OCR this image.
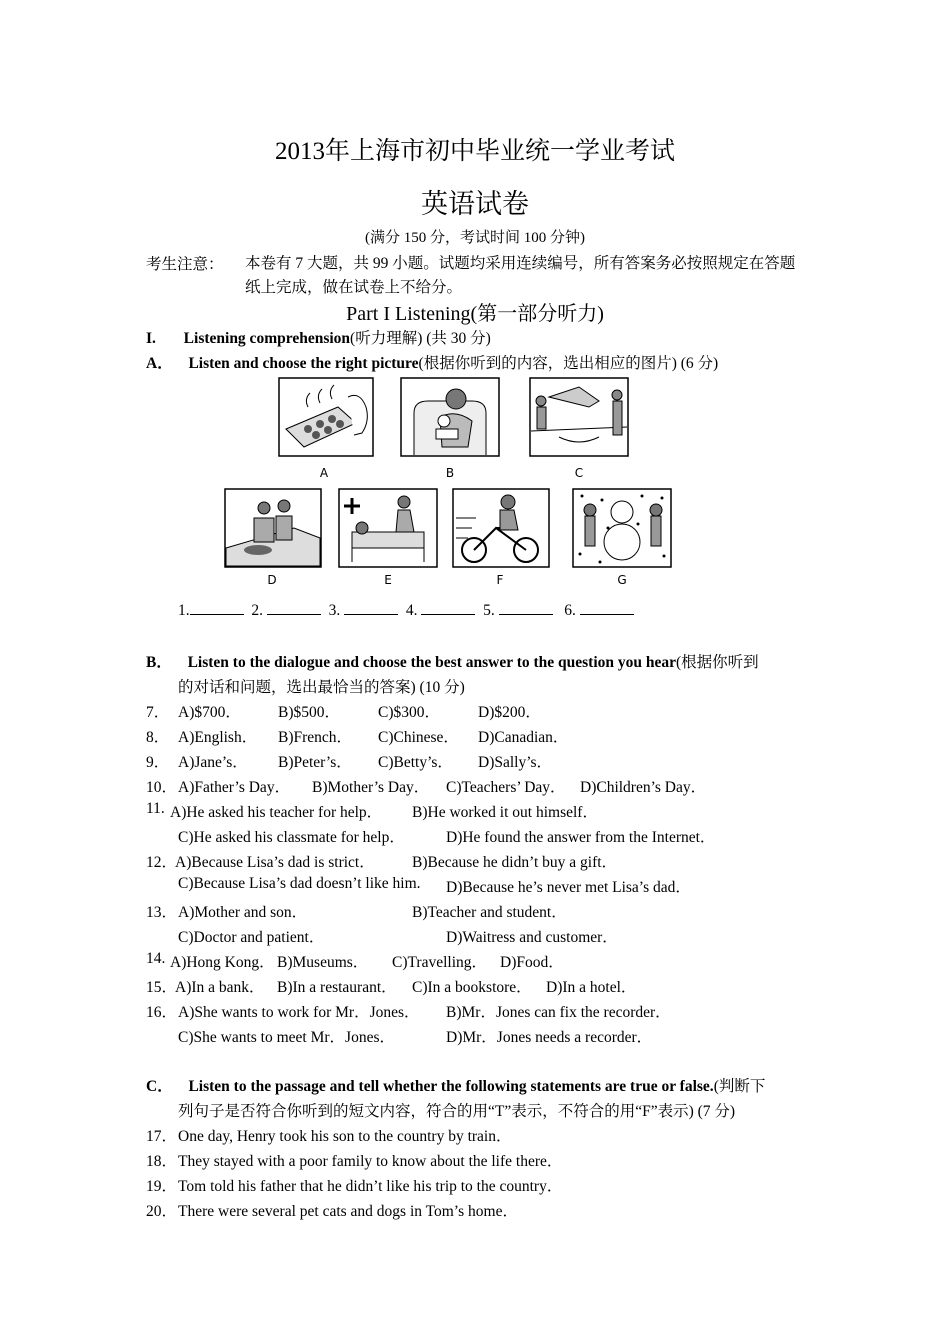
2013年上海市初中毕业统一学业考试
英语试卷
(满分 150 分，考试时间 100 分钟)
考生注意： 本卷有 7 大题，共 99 小题。试题均采用连续编号，所有答案务必按照规定在答题纸上完成，做在试卷上不给分。
Part I Listening(第一部分听力)
I. Listening comprehension(听力理解) (共 30 分)
A． Listen and choose the right picture(根据你听到的内容，选出相应的图片) (6 分)
A	B	C
D	E	F	G
1.	2.	3.	4.	5.	6.
B． Listen to the dialogue and choose the best answer to the question you hear(根据你听到
的对话和问题，选出最恰当的答案) (10 分)
7． A)$700． B)$500． C)$300． D)$200．
8． A)English． B)French． C)Chinese． D)Canadian．
9． A)Jane’s． B)Peter’s． C)Betty’s． D)Sally’s．
10． A)Father’s Day． B)Mother’s Day． C)Teachers’ Day． D)Children’s Day．
11. A)He asked his teacher for help． B)He worked it out himself．
C)He asked his classmate for help．	D)He found the answer from the Internet．
12．
A)Because Lisa’s dad is strict． B)Because he didn’t buy a gift．
C)Because Lisa’s dad doesn’t like him. D)Because he’s never met Lisa’s dad．
13． A)Mother and son．	B)Teacher and student．
C)Doctor and patient．	D)Waitress and customer．
14. A)Hong Kong． B)Museums． C)Travelling． D)Food．
15．
A)In a bank． B)In a restaurant． C)In a bookstore． D)In a hotel．
16． A)She wants to work for Mr．Jones． B)Mr．Jones can fix the recorder．
C)She wants to meet Mr．Jones．	D)Mr．Jones needs a recorder．
C． Listen to the passage and tell whether the following statements are true or false.(判断下
列句子是否符合你听到的短文内容，符合的用“T”表示，不符合的用“F”表示) (7 分)
17． One day, Henry took his son to the country by train．
18． They stayed with a poor family to know about the life there．
19． Tom told his father that he didn’t like his trip to the country．
20． There were several pet cats and dogs in Tom’s home．
